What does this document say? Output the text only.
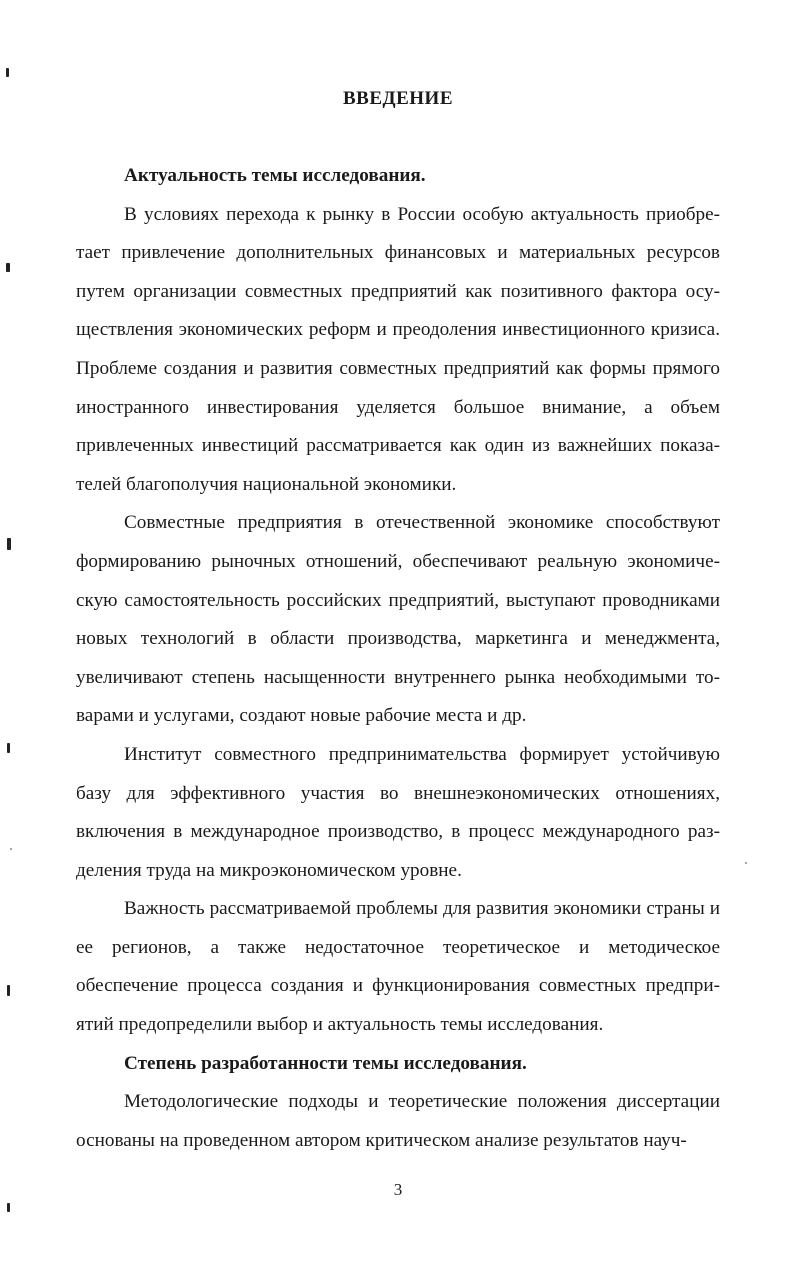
ВВЕДЕНИЕ

Актуальность темы исследования.

В условиях перехода к рынку в России особую актуальность приобретает привлечение дополнительных финансовых и материальных ресурсов путем организации совместных предприятий как позитивного фактора осуществления экономических реформ и преодоления инвестиционного кризиса. Проблеме создания и развития совместных предприятий как формы прямого иностранного инвестирования уделяется большое внимание, а объем привлеченных инвестиций рассматривается как один из важнейших показателей благополучия национальной экономики.

Совместные предприятия в отечественной экономике способствуют формированию рыночных отношений, обеспечивают реальную экономическую самостоятельность российских предприятий, выступают проводниками новых технологий в области производства, маркетинга и менеджмента, увеличивают степень насыщенности внутреннего рынка необходимыми товарами и услугами, создают новые рабочие места и др.

Институт совместного предпринимательства формирует устойчивую базу для эффективного участия во внешнеэкономических отношениях, включения в международное производство, в процесс международного разделения труда на микроэкономическом уровне.

Важность рассматриваемой проблемы для развития экономики страны и ее регионов, а также недостаточное теоретическое и методическое обеспечение процесса создания и функционирования совместных предприятий предопределили выбор и актуальность темы исследования.

Степень разработанности темы исследования.

Методологические подходы и теоретические положения диссертации основаны на проведенном автором критическом анализе результатов науч-

3
